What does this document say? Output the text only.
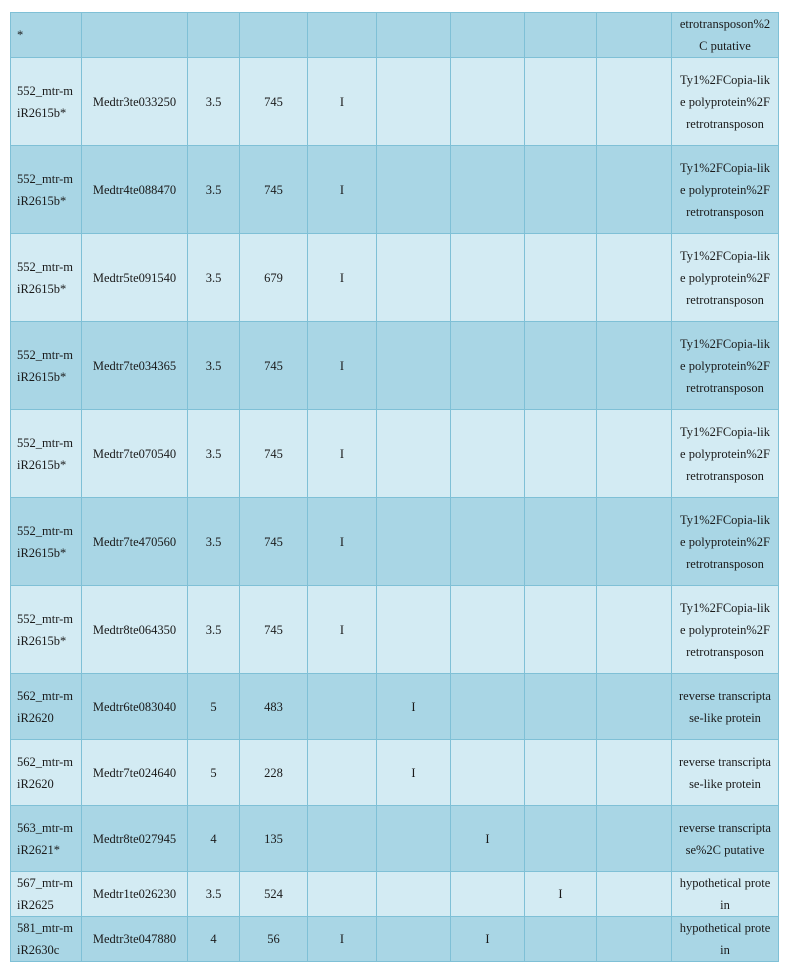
*									etrotransposon%2C putative
552_mtr-miR2615b*	Medtr3te033250	3.5	745	I					Ty1%2FCopia-like polyprotein%2Fretrotransposon
552_mtr-miR2615b*	Medtr4te088470	3.5	745	I					Ty1%2FCopia-like polyprotein%2Fretrotransposon
552_mtr-miR2615b*	Medtr5te091540	3.5	679	I					Ty1%2FCopia-like polyprotein%2Fretrotransposon
552_mtr-miR2615b*	Medtr7te034365	3.5	745	I					Ty1%2FCopia-like polyprotein%2Fretrotransposon
552_mtr-miR2615b*	Medtr7te070540	3.5	745	I					Ty1%2FCopia-like polyprotein%2Fretrotransposon
552_mtr-miR2615b*	Medtr7te470560	3.5	745	I					Ty1%2FCopia-like polyprotein%2Fretrotransposon
552_mtr-miR2615b*	Medtr8te064350	3.5	745	I					Ty1%2FCopia-like polyprotein%2Fretrotransposon
562_mtr-miR2620	Medtr6te083040	5	483		I				reverse transcriptase-like protein
562_mtr-miR2620	Medtr7te024640	5	228		I				reverse transcriptase-like protein
563_mtr-miR2621*	Medtr8te027945	4	135			I			reverse transcriptase%2C putative
567_mtr-miR2625	Medtr1te026230	3.5	524				I		hypothetical protein
581_mtr-miR2630c	Medtr3te047880	4	56	I		I			hypothetical protein
